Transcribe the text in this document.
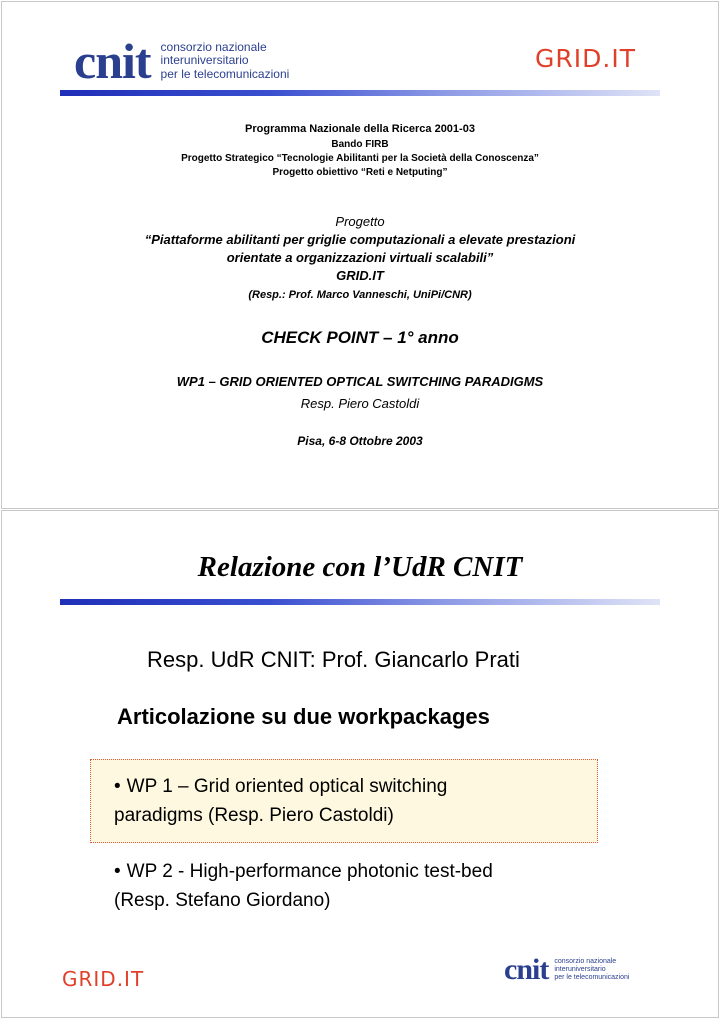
cnit consorzio nazionale
interuniversitario
per le telecomunicazioni
GRID.IT
Programma Nazionale della Ricerca 2001-03
Bando FIRB
Progetto Strategico “Tecnologie Abilitanti per la Società della Conoscenza”
Progetto obiettivo “Reti e Netputing”
Progetto
“Piattaforme abilitanti per griglie computazionali a elevate prestazioni
orientate a organizzazioni virtuali scalabili”
GRID.IT
(Resp.: Prof. Marco Vanneschi, UniPi/CNR)
CHECK POINT – 1° anno
WP1 – GRID ORIENTED OPTICAL SWITCHING PARADIGMS
Resp. Piero Castoldi
Pisa, 6-8 Ottobre 2003
Relazione con l’UdR CNIT
Resp. UdR CNIT: Prof. Giancarlo Prati
Articolazione su due workpackages
• WP 1 – Grid oriented optical switching
paradigms (Resp. Piero Castoldi)
• WP 2 - High-performance photonic test-bed
(Resp. Stefano Giordano)
GRID.IT	cnit consorzio nazionale
interuniversitario
per le telecomunicazioni
